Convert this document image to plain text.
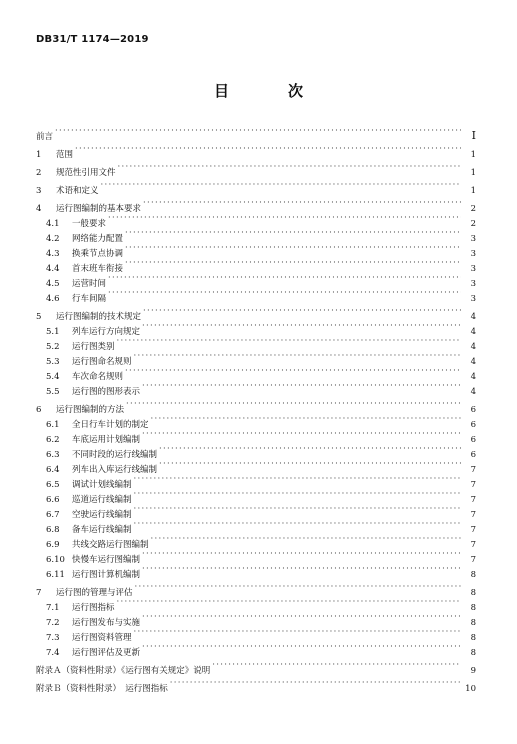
DB31/T 1174—2019
目　次
前言 ·····	Ⅰ
1	范围 ·····	1
2	规范性引用文件 ·····	1
3	术语和定义 ·····	1
4	运行图编制的基本要求 ·····	2
4.1	一般要求 ·····	2
4.2	网络能力配置 ·····	3
4.3	换乘节点协调 ·····	3
4.4	首末班车衔接 ·····	3
4.5	运营时间 ·····	3
4.6	行车间隔 ·····	3
5	运行图编制的技术规定 ·····	4
5.1	列车运行方向规定 ·····	4
5.2	运行图类别 ·····	4
5.3	运行图命名规则 ·····	4
5.4	车次命名规则 ·····	4
5.5	运行图的图形表示 ·····	4
6	运行图编制的方法 ·····	6
6.1	全日行车计划的制定 ·····	6
6.2	车底运用计划编制 ·····	6
6.3	不同时段的运行线编制 ·····	6
6.4	列车出入库运行线编制 ·····	7
6.5	调试计划线编制 ·····	7
6.6	巡道运行线编制 ·····	7
6.7	空驶运行线编制 ·····	7
6.8	备车运行线编制 ·····	7
6.9	共线交路运行图编制 ·····	7
6.10 快慢车运行图编制 ·····	7
6.11 运行图计算机编制 ·····	8
7	运行图的管理与评估 ·····	8
7.1	运行图指标 ·····	8
7.2	运行图发布与实施 ·····	8
7.3	运行图资料管理 ·····	8
7.4	运行图评估及更新 ·····	8
附录Ａ（资料性附录）《运行图有关规定》说明 ·····	9
附录Ｂ（资料性附录）　运行图指标 ·····	10
